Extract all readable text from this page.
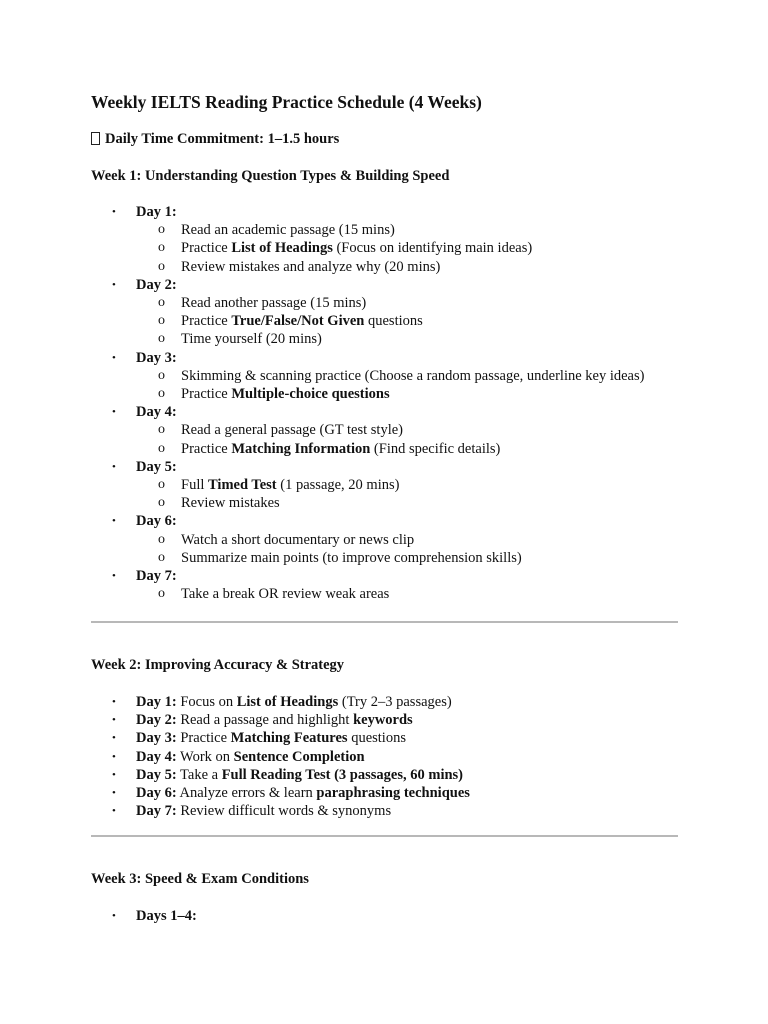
Weekly IELTS Reading Practice Schedule (4 Weeks)

Daily Time Commitment: 1–1.5 hours

Week 1: Understanding Question Types & Building Speed
• Day 1:
o Read an academic passage (15 mins)
o Practice List of Headings (Focus on identifying main ideas)
o Review mistakes and analyze why (20 mins)
• Day 2:
o Read another passage (15 mins)
o Practice True/False/Not Given questions
o Time yourself (20 mins)
• Day 3:
o Skimming & scanning practice (Choose a random passage, underline key ideas)
o Practice Multiple-choice questions
• Day 4:
o Read a general passage (GT test style)
o Practice Matching Information (Find specific details)
• Day 5:
o Full Timed Test (1 passage, 20 mins)
o Review mistakes
• Day 6:
o Watch a short documentary or news clip
o Summarize main points (to improve comprehension skills)
• Day 7:
o Take a break OR review weak areas
Week 2: Improving Accuracy & Strategy
• Day 1: Focus on List of Headings (Try 2–3 passages)
• Day 2: Read a passage and highlight keywords
• Day 3: Practice Matching Features questions
• Day 4: Work on Sentence Completion
• Day 5: Take a Full Reading Test (3 passages, 60 mins)
• Day 6: Analyze errors & learn paraphrasing techniques
• Day 7: Review difficult words & synonyms
Week 3: Speed & Exam Conditions
• Days 1–4:
